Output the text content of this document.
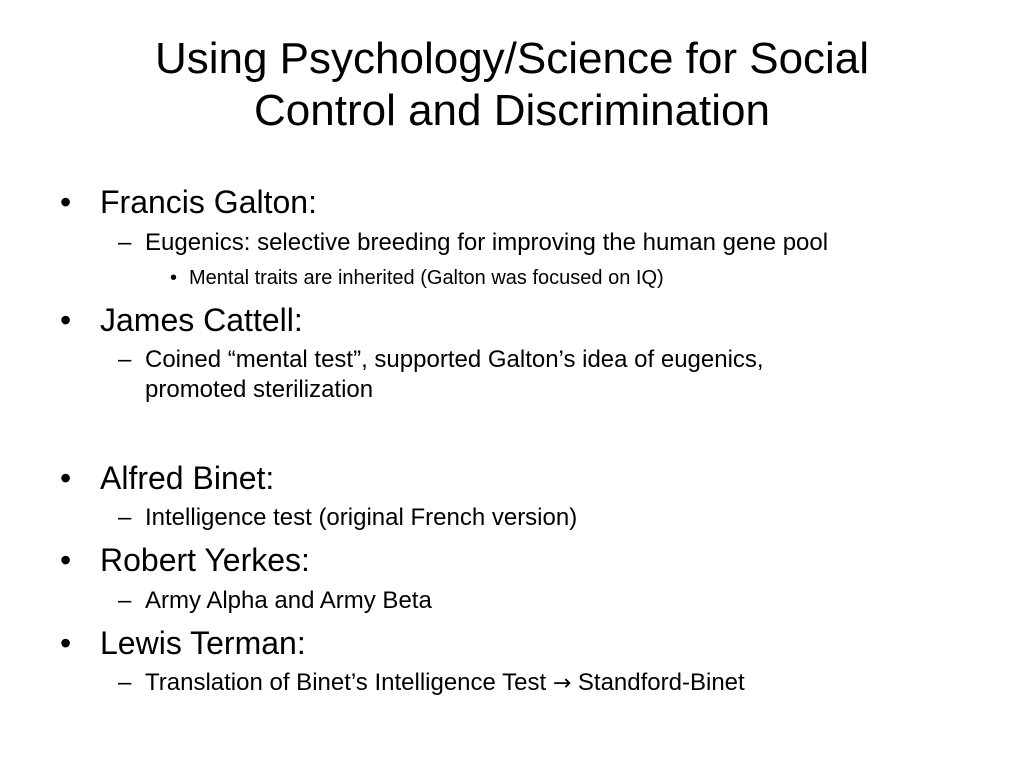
Using Psychology/Science for Social
Control and Discrimination
• Francis Galton:
– Eugenics: selective breeding for improving the human gene pool
• Mental traits are inherited (Galton was focused on IQ)
• James Cattell:
– Coined “mental test”, supported Galton’s idea of eugenics,
promoted sterilization
• Alfred Binet:
– Intelligence test (original French version)
• Robert Yerkes:
– Army Alpha and Army Beta
• Lewis Terman:
– Translation of Binet’s Intelligence Test → Standford-Binet
